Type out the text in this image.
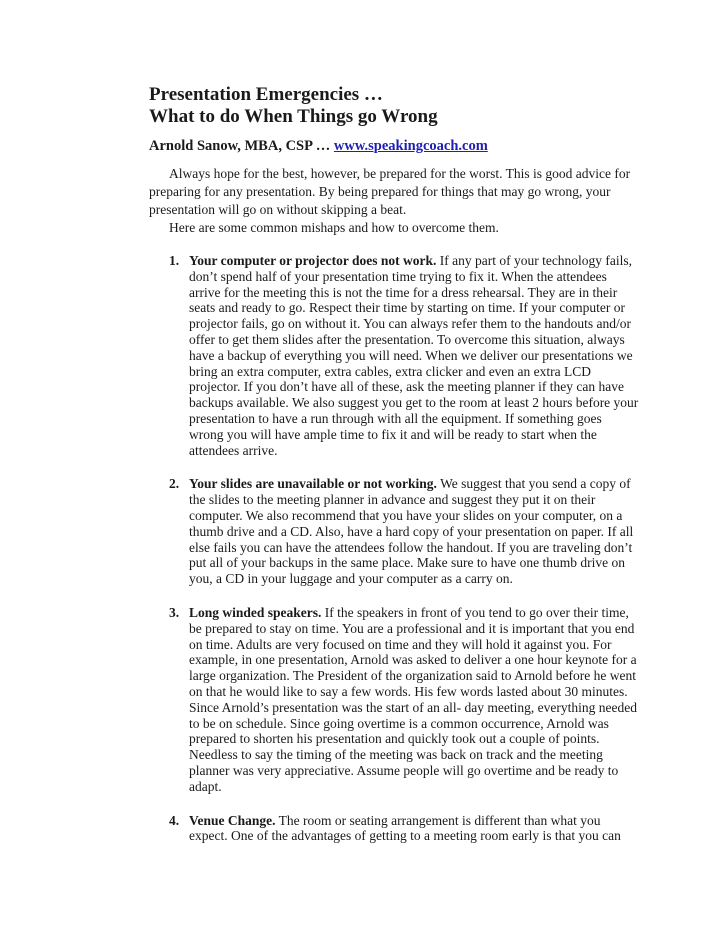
Presentation Emergencies …
What to do When Things go Wrong
Arnold Sanow, MBA, CSP … www.speakingcoach.com

Always hope for the best, however, be prepared for the worst. This is good advice for preparing for any presentation. By being prepared for things that may go wrong, your presentation will go on without skipping a beat.

Here are some common mishaps and how to overcome them.

1. Your computer or projector does not work. If any part of your technology fails, don’t spend half of your presentation time trying to fix it. When the attendees arrive for the meeting this is not the time for a dress rehearsal. They are in their seats and ready to go. Respect their time by starting on time. If your computer or projector fails, go on without it. You can always refer them to the handouts and/or offer to get them slides after the presentation. To overcome this situation, always have a backup of everything you will need. When we deliver our presentations we bring an extra computer, extra cables, extra clicker and even an extra LCD projector. If you don’t have all of these, ask the meeting planner if they can have backups available. We also suggest you get to the room at least 2 hours before your presentation to have a run through with all the equipment. If something goes wrong you will have ample time to fix it and will be ready to start when the attendees arrive.
2. Your slides are unavailable or not working. We suggest that you send a copy of the slides to the meeting planner in advance and suggest they put it on their computer. We also recommend that you have your slides on your computer, on a thumb drive and a CD. Also, have a hard copy of your presentation on paper. If all else fails you can have the attendees follow the handout. If you are traveling don’t put all of your backups in the same place. Make sure to have one thumb drive on you, a CD in your luggage and your computer as a carry on.
3. Long winded speakers. If the speakers in front of you tend to go over their time, be prepared to stay on time. You are a professional and it is important that you end on time. Adults are very focused on time and they will hold it against you. For example, in one presentation, Arnold was asked to deliver a one hour keynote for a large organization. The President of the organization said to Arnold before he went on that he would like to say a few words. His few words lasted about 30 minutes. Since Arnold’s presentation was the start of an all- day meeting, everything needed to be on schedule. Since going overtime is a common occurrence, Arnold was prepared to shorten his presentation and quickly took out a couple of points. Needless to say the timing of the meeting was back on track and the meeting planner was very appreciative. Assume people will go overtime and be ready to adapt.
4. Venue Change. The room or seating arrangement is different than what you expect. One of the advantages of getting to a meeting room early is that you can
